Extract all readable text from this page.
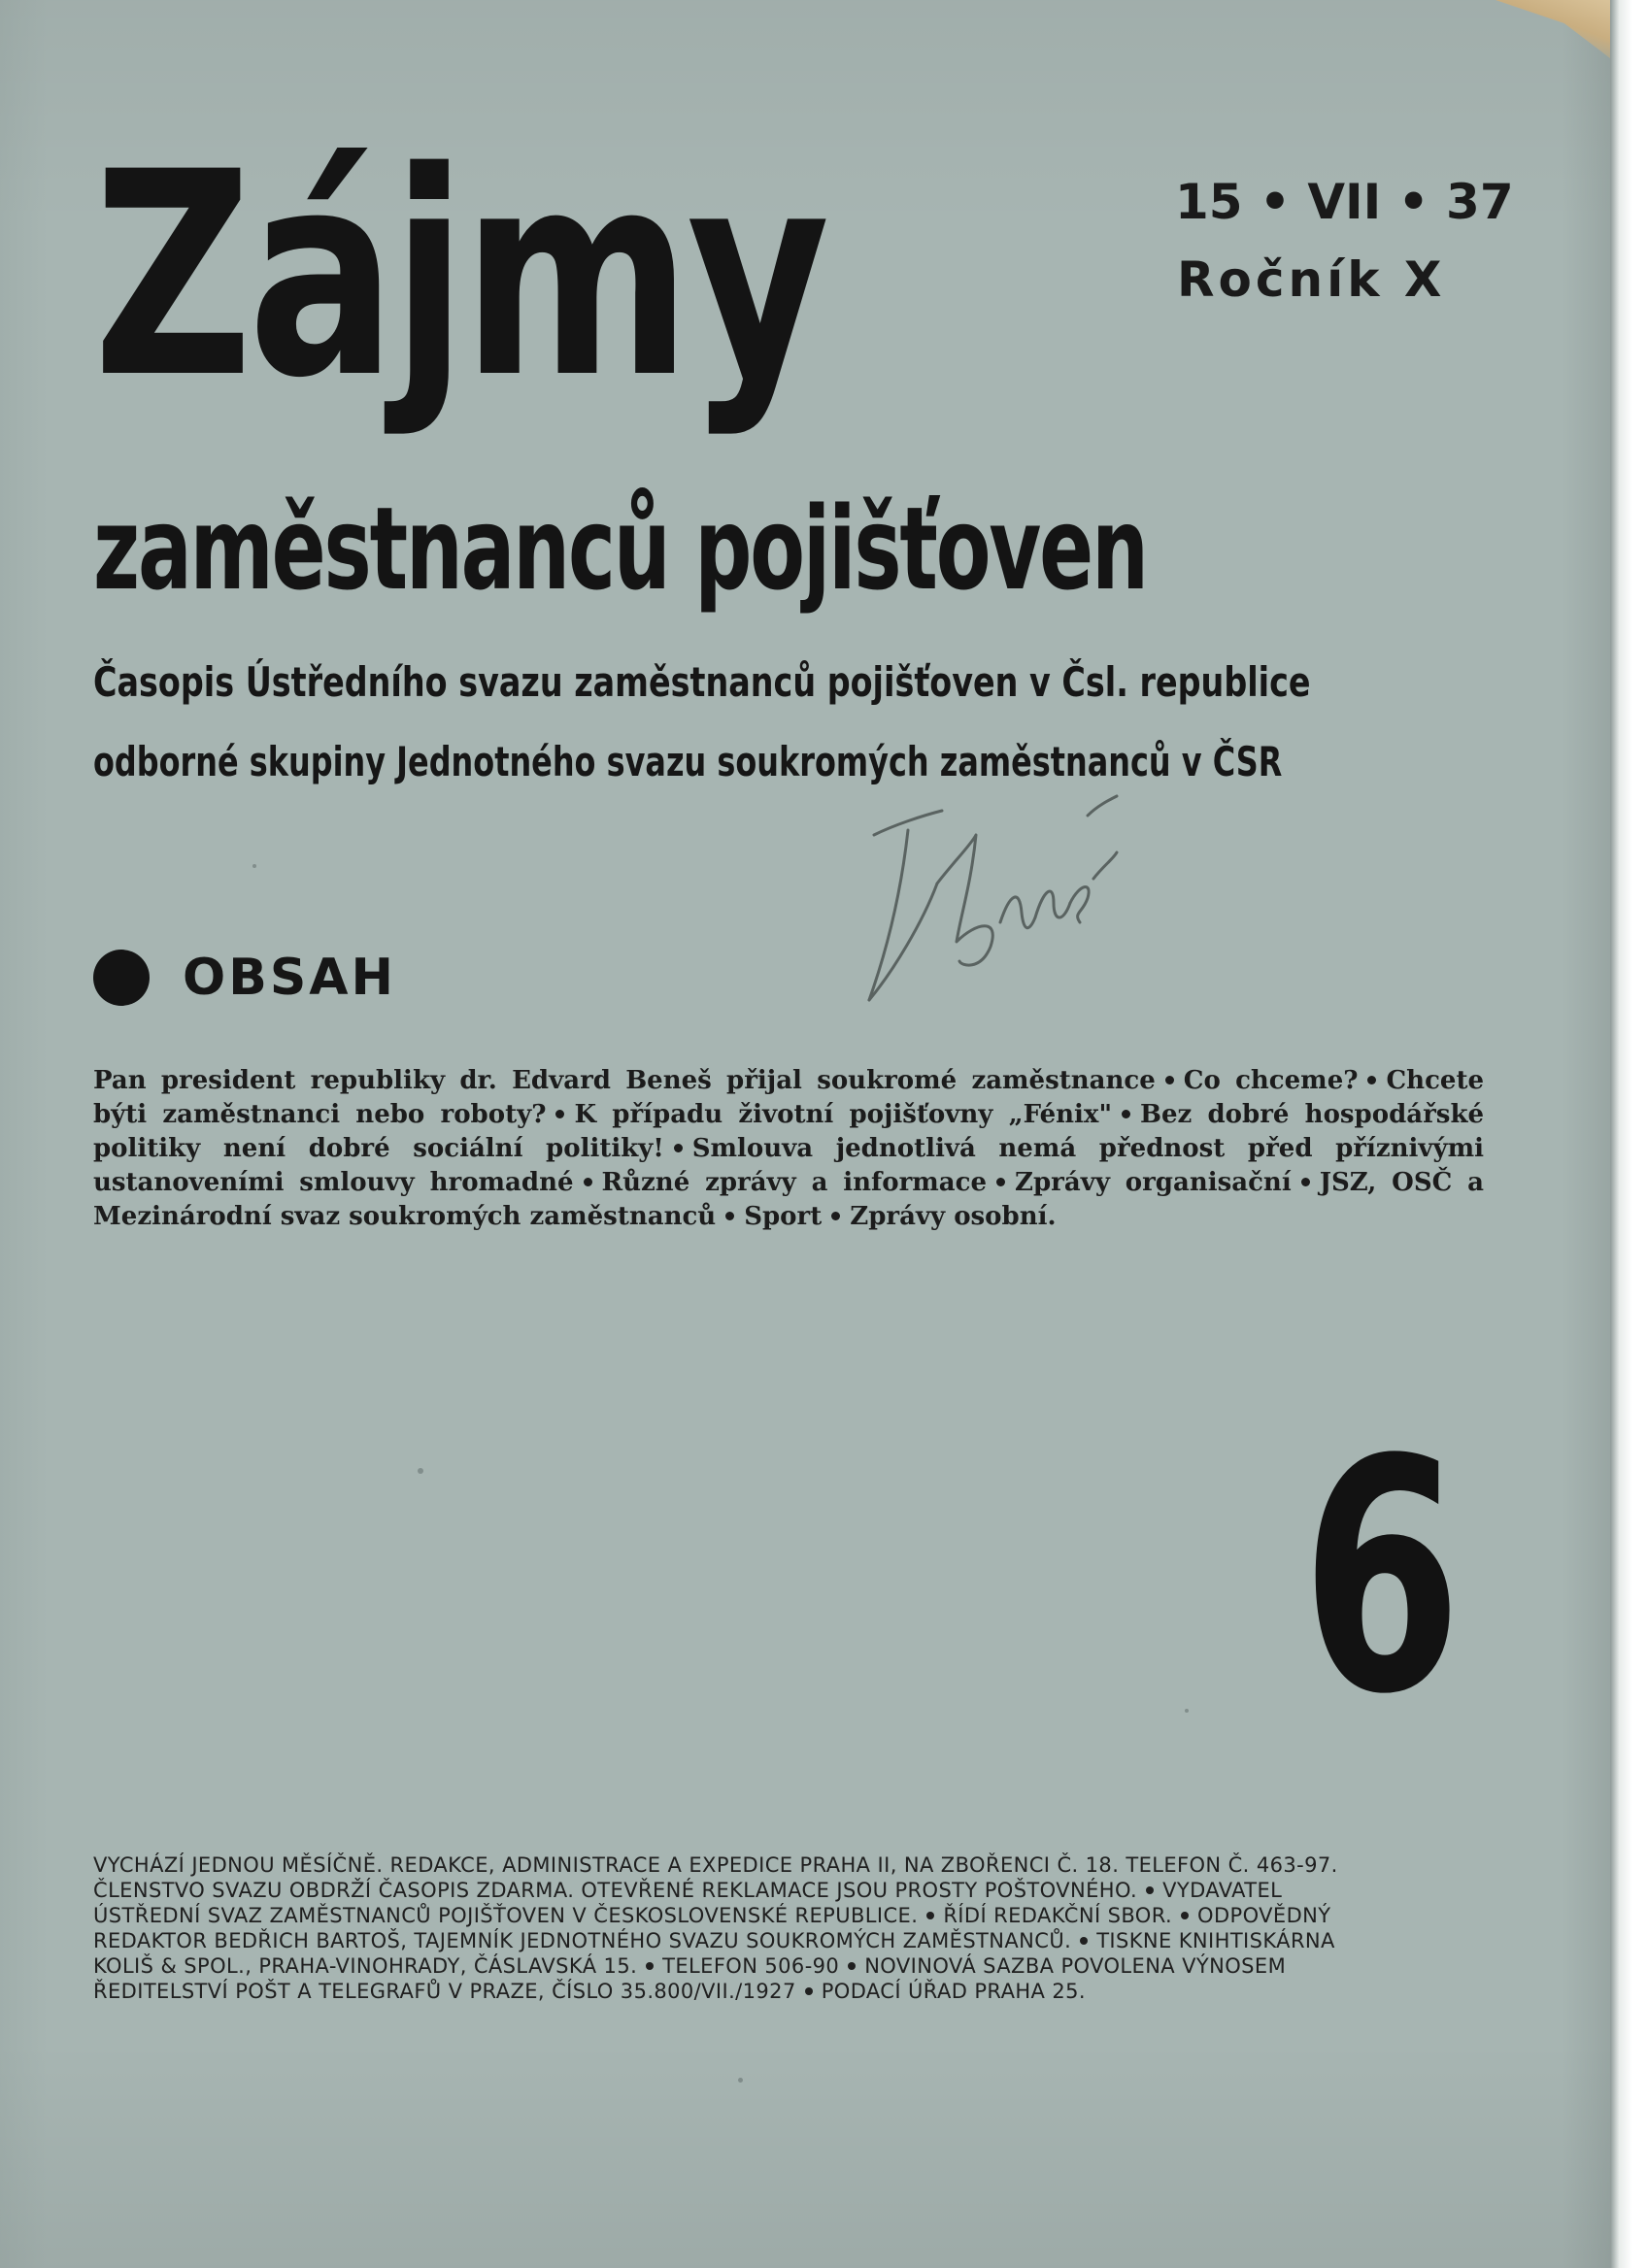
Zájmy
zaměstnanců pojišťoven
15 • VII • 37
Ročník X
Časopis Ústředního svazu zaměstnanců pojišťoven v Čsl. republice
odborné skupiny Jednotného svazu soukromých zaměstnanců v ČSR
OBSAH
Pan president republiky dr. Edvard Beneš přijal soukromé zaměstnance Co chceme? Chcete býti zaměstnanci nebo roboty? K případu životní pojišťovny „Fénix" Bez dobré hospodářské politiky není dobré sociální politiky! Smlouva jednotlivá nemá přednost před příznivými ustanoveními smlouvy hromadné Různé zprávy a informace Zprávy organisační JSZ, OSČ a Mezinárodní svaz soukromých zaměstnanců Sport Zprávy osobní.
6
VYCHÁZÍ JEDNOU MĚSÍČNĚ. REDAKCE, ADMINISTRACE A EXPEDICE PRAHA II, NA ZBOŘENCI Č. 18. TELEFON Č. 463-97.
ČLENSTVO SVAZU OBDRŽÍ ČASOPIS ZDARMA. OTEVŘENÉ REKLAMACE JSOU PROSTY POŠTOVNÉHO. VYDAVATEL
ÚSTŘEDNÍ SVAZ ZAMĚSTNANCŮ POJIŠŤOVEN V ČESKOSLOVENSKÉ REPUBLICE. ŘÍDÍ REDAKČNÍ SBOR. ODPOVĚDNÝ
REDAKTOR BEDŘICH BARTOŠ, TAJEMNÍK JEDNOTNÉHO SVAZU SOUKROMÝCH ZAMĚSTNANCŮ. TISKNE KNIHTISKÁRNA
KOLIŠ & SPOL., PRAHA-VINOHRADY, ČÁSLAVSKÁ 15. TELEFON 506-90 NOVINOVÁ SAZBA POVOLENA VÝNOSEM
ŘEDITELSTVÍ POŠT A TELEGRAFŮ V PRAZE, ČÍSLO 35.800/VII./1927 PODACÍ ÚŘAD PRAHA 25.
